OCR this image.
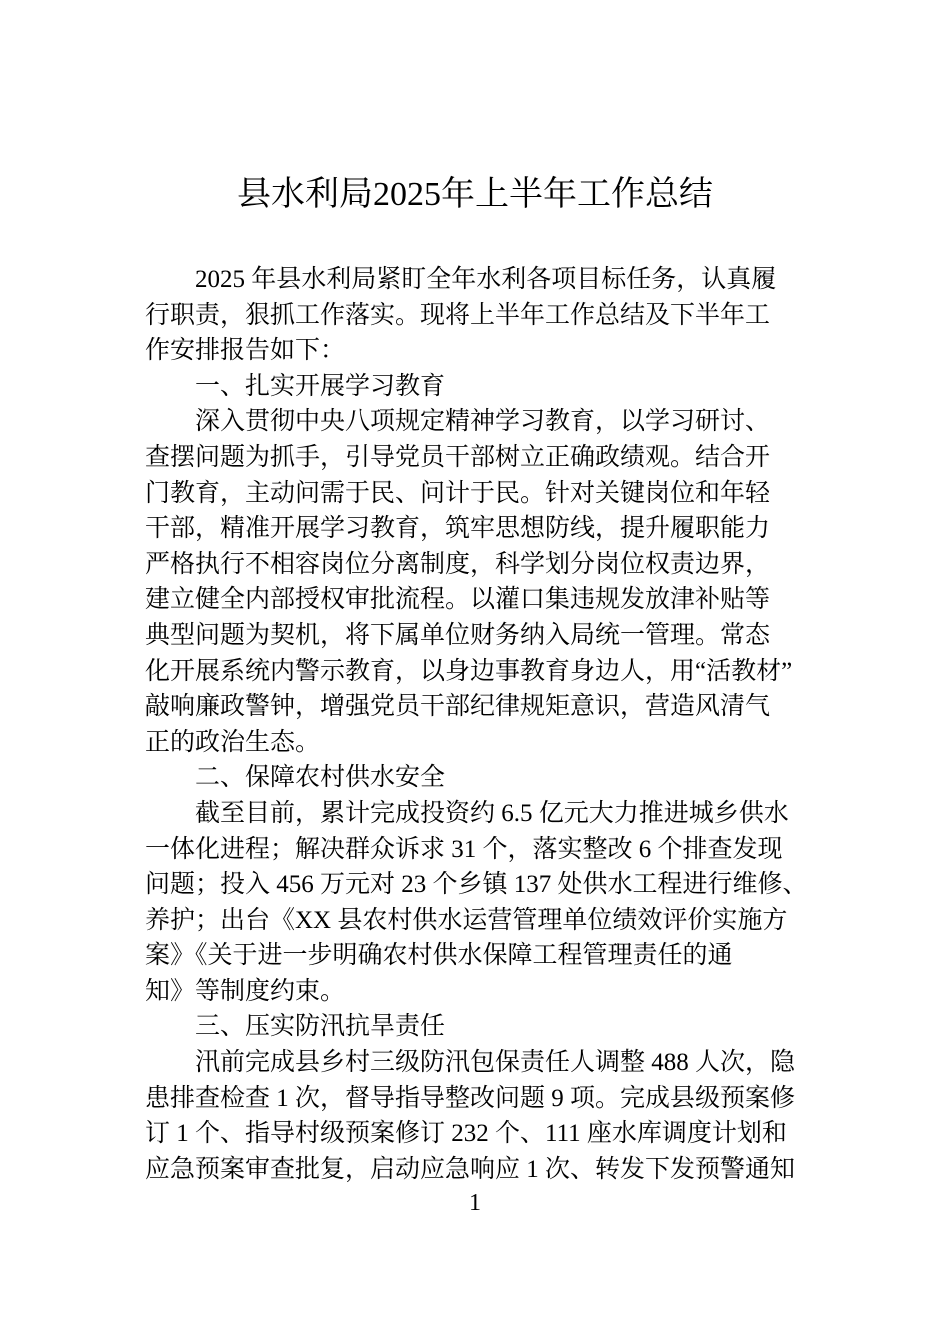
县水利局2025年上半年工作总结
2025 年县水利局紧盯全年水利各项目标任务，认真履
行职责，狠抓工作落实。现将上半年工作总结及下半年工
作安排报告如下：
一、扎实开展学习教育
深入贯彻中央八项规定精神学习教育，以学习研讨、
查摆问题为抓手，引导党员干部树立正确政绩观。结合开
门教育，主动问需于民、问计于民。针对关键岗位和年轻
干部，精准开展学习教育，筑牢思想防线，提升履职能力
严格执行不相容岗位分离制度，科学划分岗位权责边界，
建立健全内部授权审批流程。以灌口集违规发放津补贴等
典型问题为契机，将下属单位财务纳入局统一管理。常态
化开展系统内警示教育，以身边事教育身边人，用“活教材”
敲响廉政警钟，增强党员干部纪律规矩意识，营造风清气
正的政治生态。
二、保障农村供水安全
截至目前，累计完成投资约 6.5 亿元大力推进城乡供水
一体化进程；解决群众诉求 31 个，落实整改 6 个排查发现
问题；投入 456 万元对 23 个乡镇 137 处供水工程进行维修、
养护；出台《XX 县农村供水运营管理单位绩效评价实施方
案》《关于进一步明确农村供水保障工程管理责任的通
知》等制度约束。
三、压实防汛抗旱责任
汛前完成县乡村三级防汛包保责任人调整 488 人次，隐
患排查检查 1 次，督导指导整改问题 9 项。完成县级预案修
订 1 个、指导村级预案修订 232 个、111 座水库调度计划和
应急预案审查批复，启动应急响应 1 次、转发下发预警通知
1
